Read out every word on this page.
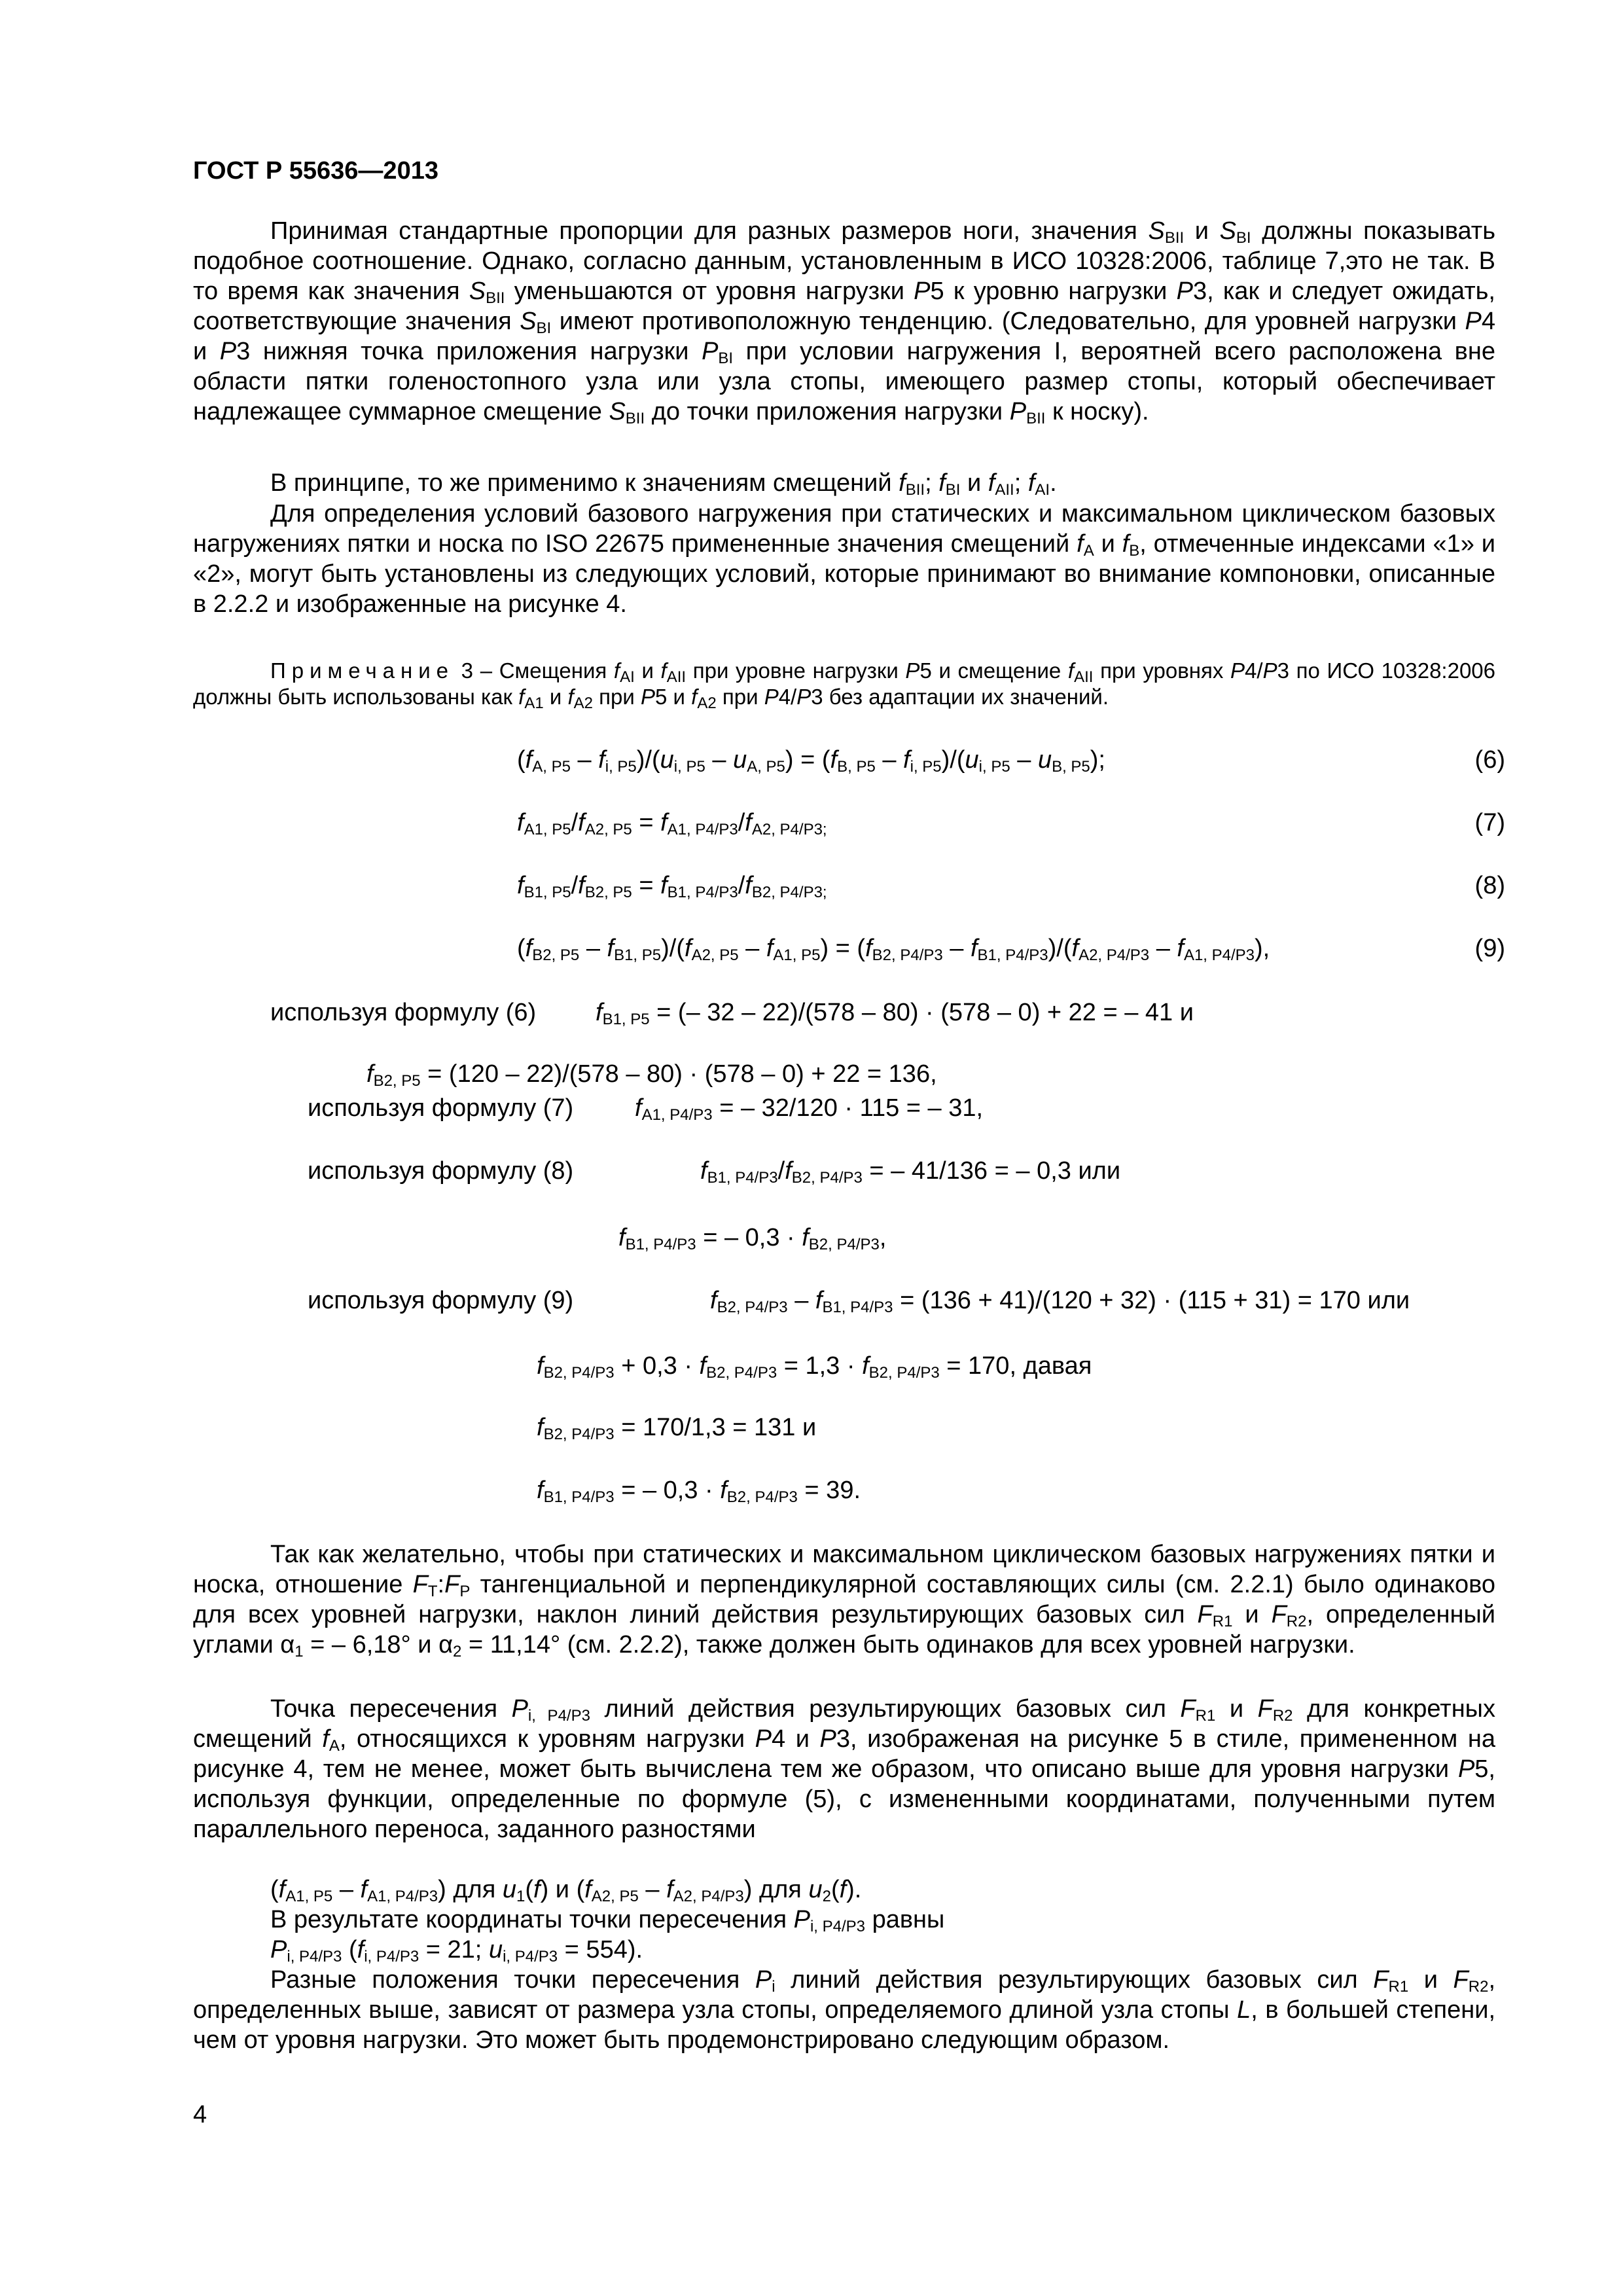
ГОСТ Р 55636—2013
Принимая стандартные пропорции для разных размеров ноги, значения $S_{BII}$ и $S_{BI}$ должны показывать подобное соотношение. Однако, согласно данным, установленным в ИСО 10328:2006, таблице 7,это не так. В то время как значения $S_{BII}$ уменьшаются от уровня нагрузки P5 к уровню нагрузки P3, как и следует ожидать, соответствующие значения $S_{BI}$ имеют противоположную тенденцию. (Следовательно, для уровней нагрузки P4 и P3 нижняя точка приложения нагрузки $P_{BI}$ при условии нагружения I, вероятней всего расположена вне области пятки голеностопного узла или узла стопы, имеющего размер стопы, который обеспечивает надлежащее суммарное смещение $S_{BII}$ до точки приложения нагрузки $P_{BII}$ к носку).
В принципе, то же применимо к значениям смещений $f_{BII}$; $f_{BI}$ и $f_{AII}$; $f_{AI}$.
Для определения условий базового нагружения при статических и максимальном циклическом базовых нагружениях пятки и носка по ISO 22675 примененные значения смещений $f_A$ и $f_B$, отмеченные индексами «1» и «2», могут быть установлены из следующих условий, которые принимают во внимание компоновки, описанные в 2.2.2 и изображенные на рисунке 4.
Примечание 3 – Смещения $f_{AI}$ и $f_{AII}$ при уровне нагрузки P5 и смещение $f_{AII}$ при уровнях P4/P3 по ИСО 10328:2006 должны быть использованы как $f_{A1}$ и $f_{A2}$ при P5 и $f_{A2}$ при P4/P3 без адаптации их значений.
$(f_{A, P5} - f_{i, P5})/(u_{i, P5} - u_{A, P5}) = (f_{B, P5} - f_{i, P5})/(u_{i, P5} - u_{B, P5})$;	(6)
$f_{A1, P5}/f_{A2, P5} = f_{A1, P4/P3}/f_{A2, P4/P3;}$	(7)
$f_{B1, P5}/f_{B2, P5} = f_{B1, P4/P3}/f_{B2, P4/P3;}$	(8)
$(f_{B2, P5} - f_{B1, P5})/(f_{A2, P5} - f_{A1, P5}) = (f_{B2, P4/P3} - f_{B1, P4/P3})/(f_{A2, P4/P3} - f_{A1, P4/P3})$,	(9)
используя формулу (6) $f_{B1, P5}$ = (– 32 – 22)/(578 – 80) · (578 – 0) + 22 = – 41 и
$f_{B2, P5} = (120 - 22)/(578 - 80) \cdot (578 - 0) + 22 = 136$,
используя формулу (7) $f_{A1, P4/P3}$ = – 32/120 · 115 = – 31,
используя формулу (8)	$f_{B1, P4/P3}/f_{B2, P4/P3}$ = – 41/136 = – 0,3 или
$f_{B1, P4/P3}$ = – $0,3 \cdot f_{B2, P4/P3}$,
используя формулу (9)	$f_{B2, P4/P3} - f_{B1, P4/P3} = (136 + 41)/(120 + 32) \cdot (115 + 31) = 170$ или
$f_{B2, P4/P3} + 0,3 \cdot f_{B2, P4/P3} = 1,3 \cdot f_{B2, P4/P3} = 170$, давая
$f_{B2, P4/P3} = 170/1,3 = 131$ и
$f_{B1, P4/P3}$ = – $0,3 \cdot f_{B2, P4/P3} = 39$.
Так как желательно, чтобы при статических и максимальном циклическом базовых нагружениях пятки и носка, отношение $F_T:F_P$ тангенциальной и перпендикулярной составляющих силы (см. 2.2.1) было одинаково для всех уровней нагрузки, наклон линий действия результирующих базовых сил $F_{R1}$ и $F_{R2}$, определенный углами $\alpha_1$ = – 6,18° и $\alpha_2 = 11,14^\circ$ (см. 2.2.2), также должен быть одинаков для всех уровней нагрузки.
Точка пересечения $P_{i, P4/P3}$ линий действия результирующих базовых сил $F_{R1}$ и $F_{R2}$ для конкретных смещений $f_A$, относящихся к уровням нагрузки P4 и P3, изображеная на рисунке 5 в стиле, примененном на рисунке 4, тем не менее, может быть вычислена тем же образом, что описано выше для уровня нагрузки P5, используя функции, определенные по формуле (5), с измененными координатами, полученными путем параллельного переноса, заданного разностями
$(f_{A1, P5} - f_{A1, P4/P3})$ для $u_1(f)$ и $(f_{A2, P5} - f_{A2, P4/P3})$ для $u_2(f)$.
В результате координаты точки пересечения $P_{i, P4/P3}$ равны
$P_{i, P4/P3}$ ($f_{i, P4/P3} = 21$; $u_{i, P4/P3} = 554$).
Разные положения точки пересечения $P_i$ линий действия результирующих базовых сил $F_{R1}$ и $F_{R2}$, определенных выше, зависят от размера узла стопы, определяемого длиной узла стопы L, в большей степени, чем от уровня нагрузки. Это может быть продемонстрировано следующим образом.
4
